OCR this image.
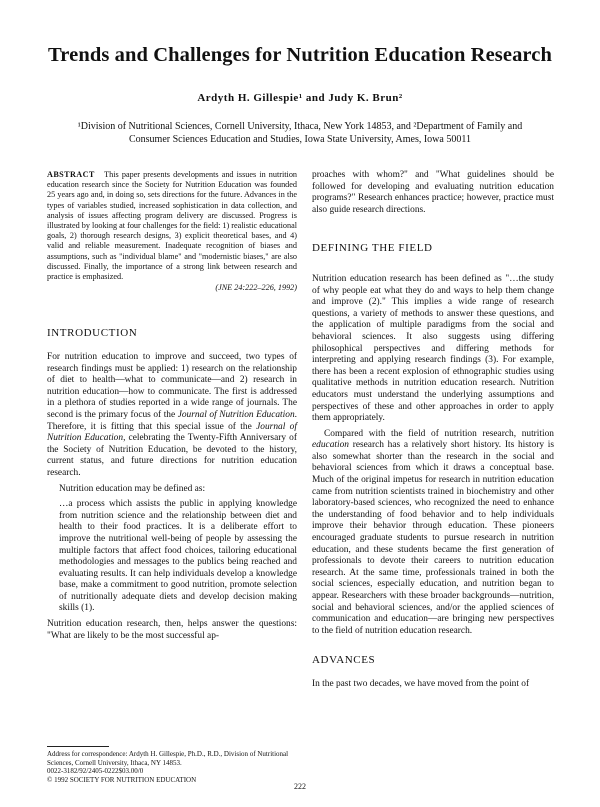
Trends and Challenges for Nutrition Education Research
Ardyth H. Gillespie¹ and Judy K. Brun²
¹Division of Nutritional Sciences, Cornell University, Ithaca, New York 14853, and ²Department of Family and Consumer Sciences Education and Studies, Iowa State University, Ames, Iowa 50011
ABSTRACT This paper presents developments and issues in nutrition education research since the Society for Nutrition Education was founded 25 years ago and, in doing so, sets directions for the future. Advances in the types of variables studied, increased sophistication in data collection, and analysis of issues affecting program delivery are discussed. Progress is illustrated by looking at four challenges for the field: 1) realistic educational goals, 2) thorough research designs, 3) explicit theoretical bases, and 4) valid and reliable measurement. Inadequate recognition of biases and assumptions, such as "individual blame" and "modernistic biases," are also discussed. Finally, the importance of a strong link between research and practice is emphasized.
(JNE 24:222–226, 1992)
INTRODUCTION

For nutrition education to improve and succeed, two types of research findings must be applied: 1) research on the relationship of diet to health—what to communicate—and 2) research in nutrition education—how to communicate. The first is addressed in a plethora of studies reported in a wide range of journals. The second is the primary focus of the Journal of Nutrition Education. Therefore, it is fitting that this special issue of the Journal of Nutrition Education, celebrating the Twenty-Fifth Anniversary of the Society of Nutrition Education, be devoted to the history, current status, and future directions for nutrition education research.

Nutrition education may be defined as:

…a process which assists the public in applying knowledge from nutrition science and the relationship between diet and health to their food practices. It is a deliberate effort to improve the nutritional well-being of people by assessing the multiple factors that affect food choices, tailoring educational methodologies and messages to the publics being reached and evaluating results. It can help individuals develop a knowledge base, make a commitment to good nutrition, promote selection of nutritionally adequate diets and develop decision making skills (1).

Nutrition education research, then, helps answer the questions: "What are likely to be the most successful ap-

proaches with whom?" and "What guidelines should be followed for developing and evaluating nutrition education programs?" Research enhances practice; however, practice must also guide research directions.

DEFINING THE FIELD

Nutrition education research has been defined as "…the study of why people eat what they do and ways to help them change and improve (2)." This implies a wide range of research questions, a variety of methods to answer these questions, and the application of multiple paradigms from the social and behavioral sciences. It also suggests using differing philosophical perspectives and differing methods for interpreting and applying research findings (3). For example, there has been a recent explosion of ethnographic studies using qualitative methods in nutrition education research. Nutrition educators must understand the underlying assumptions and perspectives of these and other approaches in order to apply them appropriately.

Compared with the field of nutrition research, nutrition education research has a relatively short history. Its history is also somewhat shorter than the research in the social and behavioral sciences from which it draws a conceptual base. Much of the original impetus for research in nutrition education came from nutrition scientists trained in biochemistry and other laboratory-based sciences, who recognized the need to enhance the understanding of food behavior and to help individuals improve their behavior through education. These pioneers encouraged graduate students to pursue research in nutrition education, and these students became the first generation of professionals to devote their careers to nutrition education research. At the same time, professionals trained in both the social sciences, especially education, and nutrition began to appear. Researchers with these broader backgrounds—nutrition, social and behavioral sciences, and/or the applied sciences of communication and education—are bringing new perspectives to the field of nutrition education research.

ADVANCES

In the past two decades, we have moved from the point of

Address for correspondence: Ardyth H. Gillespie, Ph.D., R.D., Division of Nutritional Sciences, Cornell University, Ithaca, NY 14853.
0022-3182/92/2405-0222$03.00/0
© 1992 SOCIETY FOR NUTRITION EDUCATION
222
